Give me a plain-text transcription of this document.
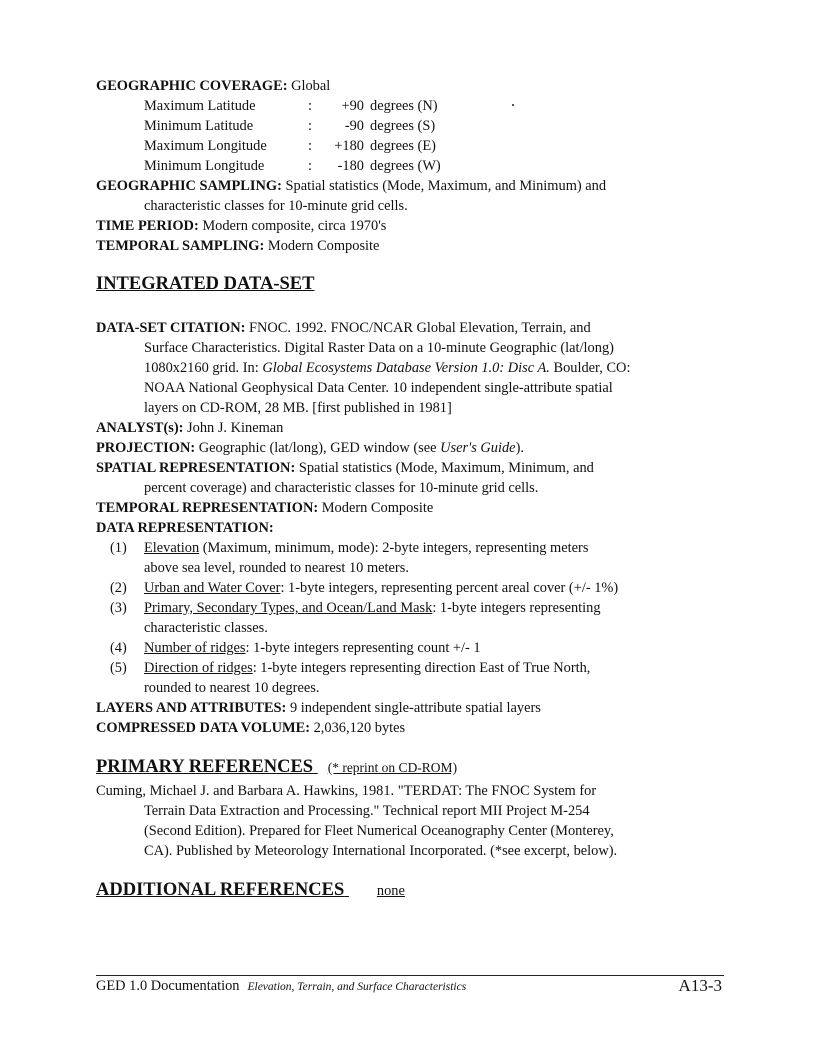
GEOGRAPHIC COVERAGE: Global
Maximum Latitude	:	+90 degrees (N)
Minimum Latitude	:	-90 degrees (S)
Maximum Longitude	:	+180 degrees (E)
Minimum Longitude	:	-180 degrees (W)
GEOGRAPHIC SAMPLING: Spatial statistics (Mode, Maximum, and Minimum) and
characteristic classes for 10-minute grid cells.
TIME PERIOD: Modern composite, circa 1970's
TEMPORAL SAMPLING: Modern Composite
INTEGRATED DATA-SET
DATA-SET CITATION: FNOC. 1992. FNOC/NCAR Global Elevation, Terrain, and
Surface Characteristics. Digital Raster Data on a 10-minute Geographic (lat/long)
1080x2160 grid. In: Global Ecosystems Database Version 1.0: Disc A. Boulder, CO:
NOAA National Geophysical Data Center. 10 independent single-attribute spatial
layers on CD-ROM, 28 MB. [first published in 1981]
ANALYST(s): John J. Kineman
PROJECTION: Geographic (lat/long), GED window (see User's Guide).
SPATIAL REPRESENTATION: Spatial statistics (Mode, Maximum, Minimum, and
percent coverage) and characteristic classes for 10-minute grid cells.
TEMPORAL REPRESENTATION: Modern Composite
DATA REPRESENTATION:
(1) Elevation (Maximum, minimum, mode): 2-byte integers, representing meters
above sea level, rounded to nearest 10 meters.
(2) Urban and Water Cover: 1-byte integers, representing percent areal cover (+/- 1%)
(3) Primary, Secondary Types, and Ocean/Land Mask: 1-byte integers representing
characteristic classes.
(4) Number of ridges: 1-byte integers representing count +/- 1
(5) Direction of ridges: 1-byte integers representing direction East of True North,
rounded to nearest 10 degrees.
LAYERS AND ATTRIBUTES: 9 independent single-attribute spatial layers
COMPRESSED DATA VOLUME: 2,036,120 bytes
PRIMARY REFERENCES (* reprint on CD-ROM)
Cuming, Michael J. and Barbara A. Hawkins, 1981. "TERDAT: The FNOC System for
Terrain Data Extraction and Processing." Technical report MII Project M-254
(Second Edition). Prepared for Fleet Numerical Oceanography Center (Monterey,
CA). Published by Meteorology International Incorporated. (*see excerpt, below).
ADDITIONAL REFERENCES none
GED 1.0 Documentation Elevation, Terrain, and Surface Characteristics	A13-3
